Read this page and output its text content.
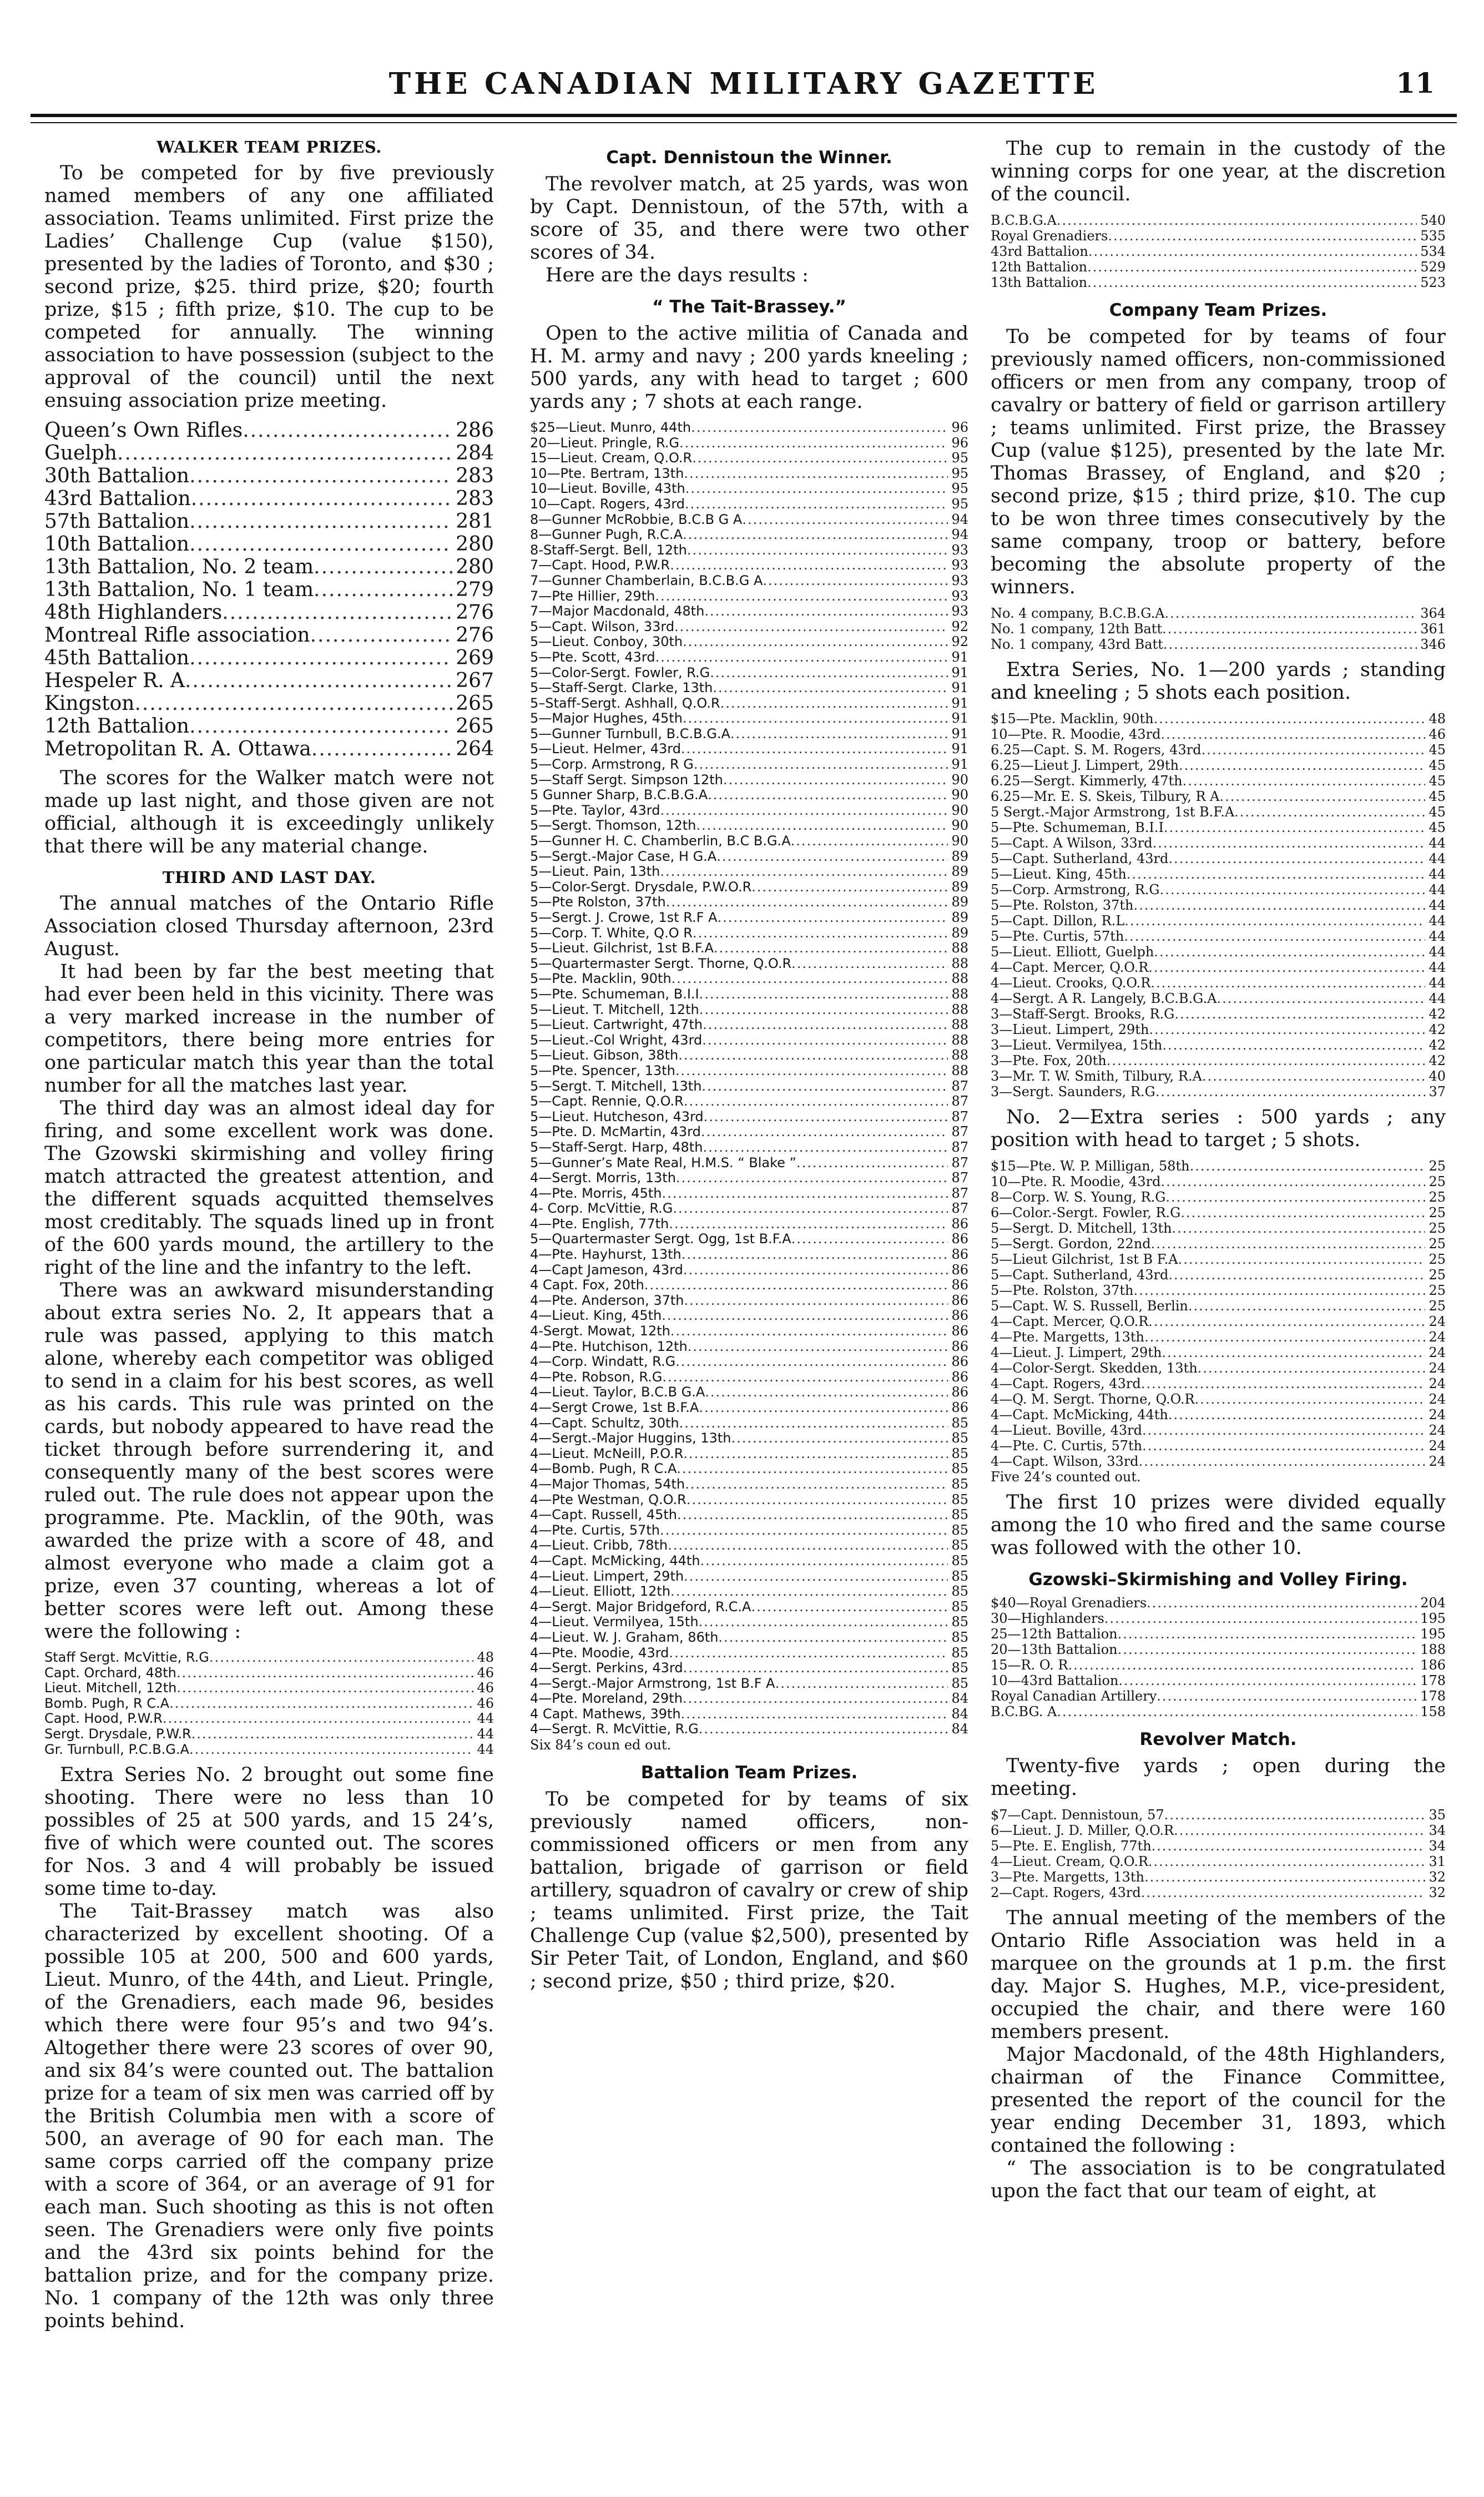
THE CANADIAN MILITARY GAZETTE	11
WALKER TEAM PRIZES.

To be competed for by five previously named members of any one affiliated association. Teams unlimited. First prize the Ladies’ Challenge Cup (value $150), presented by the ladies of Toronto, and $30 ; second prize, $25. third prize, $20; fourth prize, $15 ; fifth prize, $10. The cup to be competed for annually. The winning association to have possession (subject to the approval of the council) until the next ensuing association prize meeting.

Queen’s Own Rifles .....	286
Guelph .....	284
30th Battalion .....	283
43rd Battalion .....	283
57th Battalion .....	281
10th Battalion .....	280
13th Battalion, No. 2 team .....	280
13th Battalion, No. 1 team .....	279
48th Highlanders .....	276
Montreal Rifle association .....	276
45th Battalion .....	269
Hespeler R. A .....	267
Kingston .....	265
12th Battalion .....	265
Metropolitan R. A. Ottawa .....	264

The scores for the Walker match were not made up last night, and those given are not official, although it is exceedingly unlikely that there will be any material change.

THIRD AND LAST DAY.

The annual matches of the Ontario Rifle Association closed Thursday afternoon, 23rd August.

It had been by far the best meeting that had ever been held in this vicinity. There was a very marked increase in the number of competitors, there being more entries for one particular match this year than the total number for all the matches last year.

The third day was an almost ideal day for firing, and some excellent work was done. The Gzowski skirmishing and volley firing match attracted the greatest attention, and the different squads acquitted themselves most creditably. The squads lined up in front of the 600 yards mound, the artillery to the right of the line and the infantry to the left.

There was an awkward misunderstanding about extra series No. 2, It appears that a rule was passed, applying to this match alone, whereby each competitor was obliged to send in a claim for his best scores, as well as his cards. This rule was printed on the cards, but nobody appeared to have read the ticket through before surrendering it, and consequently many of the best scores were ruled out. The rule does not appear upon the programme. Pte. Macklin, of the 90th, was awarded the prize with a score of 48, and almost everyone who made a claim got a prize, even 37 counting, whereas a lot of better scores were left out. Among these were the following :

Staff Sergt. McVittie, R.G .....	48
Capt. Orchard, 48th .....	46
Lieut. Mitchell, 12th .....	46
Bomb. Pugh, R C.A .....	46
Capt. Hood, P.W.R .....	44
Sergt. Drysdale, P.W.R .....	44
Gr. Turnbull, P.C.B.G.A .....	44

Extra Series No. 2 brought out some fine shooting. There were no less than 10 possibles of 25 at 500 yards, and 15 24’s, five of which were counted out. The scores for Nos. 3 and 4 will probably be issued some time to-day.

The Tait-Brassey match was also characterized by excellent shooting. Of a possible 105 at 200, 500 and 600 yards, Lieut. Munro, of the 44th, and Lieut. Pringle, of the Grenadiers, each made 96, besides which there were four 95’s and two 94’s. Altogether there were 23 scores of over 90, and six 84’s were counted out. The battalion prize for a team of six men was carried off by the British Columbia men with a score of 500, an average of 90 for each man. The same corps carried off the company prize with a score of 364, or an average of 91 for each man. Such shooting as this is not often seen. The Grenadiers were only five points and the 43rd six points behind for the battalion prize, and for the company prize. No. 1 company of the 12th was only three points behind.

Capt. Dennistoun the Winner.

The revolver match, at 25 yards, was won by Capt. Dennistoun, of the 57th, with a score of 35, and there were two other scores of 34.

Here are the days results :

“ The Tait-Brassey.”

Open to the active militia of Canada and H. M. army and navy ; 200 yards kneeling ; 500 yards, any with head to target ; 600 yards any ; 7 shots at each range.

$25—Lieut. Munro, 44th .....	96
20—Lieut. Pringle, R.G .....	96
15—Lieut. Cream, Q.O.R .....	95
10—Pte. Bertram, 13th .....	95
10—Lieut. Boville, 43th .....	95
10—Capt. Rogers, 43rd .....	95
8—Gunner McRobbie, B.C.B G A .....	94
8—Gunner Pugh, R.C.A .....	94
8-Staff-Sergt. Bell, 12th .....	93
7—Capt. Hood, P.W.R .....	93
7—Gunner Chamberlain, B.C.B.G A .....	93
7—Pte Hillier, 29th .....	93
7—Major Macdonald, 48th .....	93
5—Capt. Wilson, 33rd .....	92
5—Lieut. Conboy, 30th .....	92
5—Pte. Scott, 43rd .....	91
5—Color-Sergt. Fowler, R.G .....	91
5—Staff-Sergt. Clarke, 13th .....	91
5–Staff-Sergt. Ashhall, Q.O.R .....	91
5—Major Hughes, 45th .....	91
5—Gunner Turnbull, B.C.B.G.A .....	91
5—Lieut. Helmer, 43rd .....	91
5—Corp. Armstrong, R G .....	91
5—Staff Sergt. Simpson 12th .....	90
5 Gunner Sharp, B.C.B.G.A .....	90
5—Pte. Taylor, 43rd .....	90
5—Sergt. Thomson, 12th .....	90
5—Gunner H. C. Chamberlin, B.C B.G.A .....	90
5—Sergt.-Major Case, H G.A .....	89
5—Lieut. Pain, 13th .....	89
5—Color-Sergt. Drysdale, P.W.O.R .....	89
5—Pte Rolston, 37th .....	89
5—Sergt. J. Crowe, 1st R.F A .....	89
5—Corp. T. White, Q.O R .....	89
5—Lieut. Gilchrist, 1st B.F.A .....	88
5—Quartermaster Sergt. Thorne, Q.O.R .....	88
5—Pte. Macklin, 90th .....	88
5—Pte. Schumeman, B.I.I .....	88
5—Lieut. T. Mitchell, 12th .....	88
5—Lieut. Cartwright, 47th .....	88
5—Lieut.-Col Wright, 43rd .....	88
5—Lieut. Gibson, 38th .....	88
5—Pte. Spencer, 13th .....	88
5—Sergt. T. Mitchell, 13th .....	87
5—Capt. Rennie, Q.O.R .....	87
5—Lieut. Hutcheson, 43rd .....	87
5—Pte. D. McMartin, 43rd .....	87
5—Staff-Sergt. Harp, 48th .....	87
5—Gunner’s Mate Real, H.M.S. “ Blake ” .....	87
4—Sergt. Morris, 13th .....	87
4—Pte. Morris, 45th .....	87
4- Corp. McVittie, R.G .....	87
4—Pte. English, 77th .....	86
5—Quartermaster Sergt. Ogg, 1st B.F.A .....	86
4—Pte. Hayhurst, 13th .....	86
4—Capt Jameson, 43rd .....	86
4 Capt. Fox, 20th .....	86
4—Pte. Anderson, 37th .....	86
4—Lieut. King, 45th .....	86
4-Sergt. Mowat, 12th .....	86
4—Pte. Hutchison, 12th .....	86
4—Corp. Windatt, R.G .....	86
4—Pte. Robson, R.G .....	86
4—Lieut. Taylor, B.C.B G.A .....	86
4—Sergt Crowe, 1st B.F.A .....	86
4—Capt. Schultz, 30th .....	85
4—Sergt.-Major Huggins, 13th .....	85
4—Lieut. McNeill, P.O.R .....	85
4—Bomb. Pugh, R C.A .....	85
4—Major Thomas, 54th .....	85
4—Pte Westman, Q.O.R .....	85
4—Capt. Russell, 45th .....	85
4—Pte. Curtis, 57th .....	85
4—Lieut. Cribb, 78th .....	85
4—Capt. McMicking, 44th .....	85
4—Lieut. Limpert, 29th .....	85
4—Lieut. Elliott, 12th .....	85
4—Sergt. Major Bridgeford, R.C.A .....	85
4—Lieut. Vermilyea, 15th .....	85
4—Lieut. W. J. Graham, 86th .....	85
4—Pte. Moodie, 43rd .....	85
4—Sergt. Perkins, 43rd .....	85
4—Sergt.-Major Armstrong, 1st B.F A .....	85
4—Pte. Moreland, 29th .....	84
4 Capt. Mathews, 39th .....	84
4—Sergt. R. McVittie, R.G .....	84
Six 84’s coun ed out.
Battalion Team Prizes.

To be competed for by teams of six previously named officers, non-commissioned officers or men from any battalion, brigade of garrison or field artillery, squadron of cavalry or crew of ship ; teams unlimited. First prize, the Tait Challenge Cup (value $2,500), presented by Sir Peter Tait, of London, England, and $60 ; second prize, $50 ; third prize, $20.

The cup to remain in the custody of the winning corps for one year, at the discretion of the council.

B.C.B.G.A .....	540
Royal Grenadiers .....	535
43rd Battalion .....	534
12th Battalion .....	529
13th Battalion .....	523
Company Team Prizes.

To be competed for by teams of four previously named officers, non-commissioned officers or men from any company, troop of cavalry or battery of field or garrison artillery ; teams unlimited. First prize, the Brassey Cup (value $125), presented by the late Mr. Thomas Brassey, of England, and $20 ; second prize, $15 ; third prize, $10. The cup to be won three times consecutively by the same company, troop or battery, before becoming the absolute property of the winners.

No. 4 company, B.C.B.G.A .....	364
No. 1 company, 12th Batt .....	361
No. 1 company, 43rd Batt .....	346

Extra Series, No. 1—200 yards ; standing and kneeling ; 5 shots each position.

$15—Pte. Macklin, 90th .....	48
10—Pte. R. Moodie, 43rd .....	46
6.25—Capt. S. M. Rogers, 43rd .....	45
6.25—Lieut J. Limpert, 29th .....	45
6.25—Sergt. Kimmerly, 47th .....	45
6.25—Mr. E. S. Skeis, Tilbury, R A .....	45
5 Sergt.-Major Armstrong, 1st B.F.A .....	45
5—Pte. Schumeman, B.I.I .....	45
5—Capt. A Wilson, 33rd .....	44
5—Capt. Sutherland, 43rd .....	44
5—Lieut. King, 45th .....	44
5—Corp. Armstrong, R.G .....	44
5—Pte. Rolston, 37th .....	44
5—Capt. Dillon, R.L .....	44
5—Pte. Curtis, 57th .....	44
5—Lieut. Elliott, Guelph .....	44
4—Capt. Mercer, Q.O.R .....	44
4—Lieut. Crooks, Q.O.R .....	44
4—Sergt. A R. Langely, B.C.B.G.A .....	44
3—Staff-Sergt. Brooks, R.G .....	42
3—Lieut. Limpert, 29th .....	42
3—Lieut. Vermilyea, 15th .....	42
3—Pte. Fox, 20th .....	42
3—Mr. T. W. Smith, Tilbury, R.A .....	40
3—Sergt. Saunders, R.G .....	37

No. 2—Extra series : 500 yards ; any position with head to target ; 5 shots.

$15—Pte. W. P. Milligan, 58th .....	25
10—Pte. R. Moodie, 43rd .....	25
8—Corp. W. S. Young, R.G .....	25
6—Color.-Sergt. Fowler, R.G .....	25
5—Sergt. D. Mitchell, 13th .....	25
5—Sergt. Gordon, 22nd .....	25
5—Lieut Gilchrist, 1st B F.A .....	25
5—Capt. Sutherland, 43rd .....	25
5—Pte. Rolston, 37th .....	25
5—Capt. W. S. Russell, Berlin .....	25
4—Capt. Mercer, Q.O.R .....	24
4—Pte. Margetts, 13th .....	24
4—Lieut. J. Limpert, 29th .....	24
4—Color-Sergt. Skedden, 13th .....	24
4—Capt. Rogers, 43rd .....	24
4—Q. M. Sergt. Thorne, Q.O.R .....	24
4—Capt. McMicking, 44th .....	24
4—Lieut. Boville, 43rd .....	24
4—Pte. C. Curtis, 57th .....	24
4—Capt. Wilson, 33rd .....	24
Five 24’s counted out.

The first 10 prizes were divided equally among the 10 who fired and the same course was followed with the other 10.

Gzowski–Skirmishing and Volley Firing.
$40—Royal Grenadiers .....	204
30—Highlanders .....	195
25—12th Battalion .....	195
20—13th Battalion .....	188
15—R. O. R .....	186
10—43rd Battalion .....	178
Royal Canadian Artillery .....	178
B.C.BG. A .....	158
Revolver Match.

Twenty-five yards ; open during the meeting.

$7—Capt. Dennistoun, 57 .....	35
6—Lieut. J. D. Miller, Q.O.R .....	34
5—Pte. E. English, 77th .....	34
4—Lieut. Cream, Q.O.R .....	31
3—Pte. Margetts, 13th .....	32
2—Capt. Rogers, 43rd .....	32

The annual meeting of the members of the Ontario Rifle Association was held in a marquee on the grounds at 1 p.m. the first day. Major S. Hughes, M.P., vice-president, occupied the chair, and there were 160 members present.

Major Macdonald, of the 48th Highlanders, chairman of the Finance Committee, presented the report of the council for the year ending December 31, 1893, which contained the following :

“ The association is to be congratulated upon the fact that our team of eight, at
